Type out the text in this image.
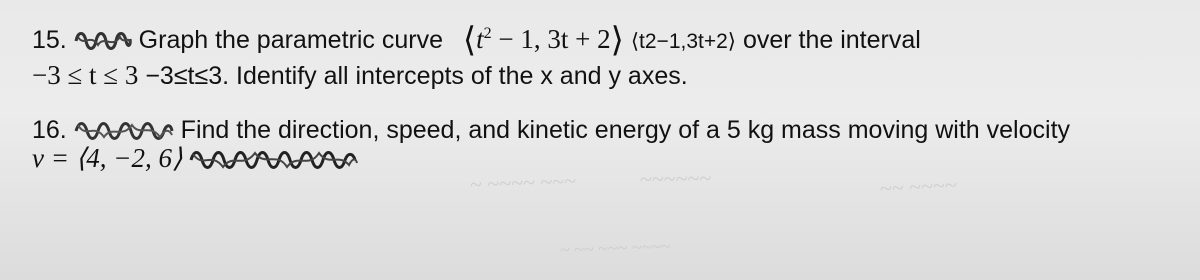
15.	Graph the parametric curve $⟨t^2 - 1$, 3t + 2⟩ ⟨t2−1,3t+2⟩ over the interval
−3 ≤ t ≤ 3 −3≤t≤3. Identify all intercepts of the x and y axes.
16.	Find the direction, speed, and kinetic energy of a 5 kg mass moving with velocity
v = ⟨4, −2, 6⟩
~ ~~~~ ~~~	~~~~~~	~~ ~~~~
~ ~~ ~~~ ~~~~
